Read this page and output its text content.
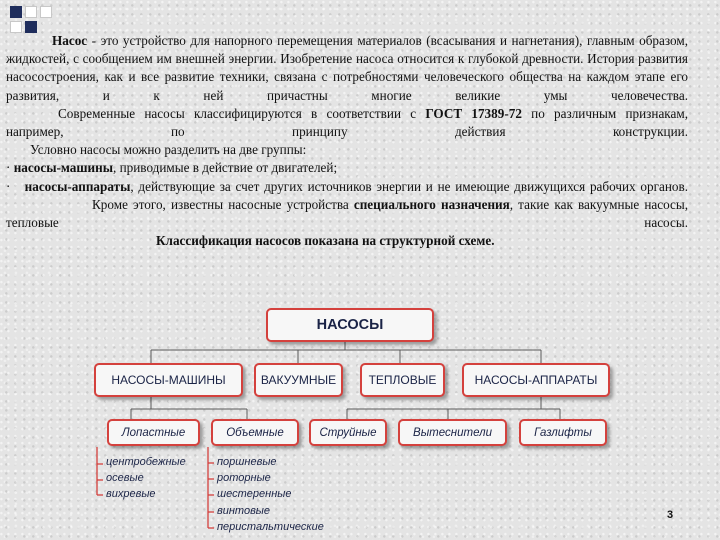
Насос - это устройство для напорного перемещения материалов (всасывания и нагнетания), главным образом, жидкостей, с сообщением им внешней энергии. Изобретение насоса относится к глубокой древности. История развития насосостроения, как и все развитие техники, связана с потребностями человеческого общества на каждом этапе его развития, и к ней причастны многие великие умы человечества.

Современные насосы классифицируются в соответствии с ГОСТ 17389-72 по различным признакам, например, по принципу действия конструкции.

Условно насосы можно разделить на две группы:

· насосы-машины, приводимые в действие от двигателей;

· насосы-аппараты, действующие за счет других источников энергии и не имеющие движущихся рабочих органов.

Кроме этого, известны насосные устройства специального назначения, такие как вакуумные насосы, тепловые насосы.

Классификация насосов показана на структурной схеме.

НАСОСЫ
НАСОСЫ-МАШИНЫ	ВАКУУМНЫЕ	ТЕПЛОВЫЕ	НАСОСЫ-АППАРАТЫ
Лопастные	Объемные	Струйные	Вытеснители	Газлифты
центробежные
осевые
вихревые
поршневые
роторные
шестеренные
винтовые
перистальтические
3
